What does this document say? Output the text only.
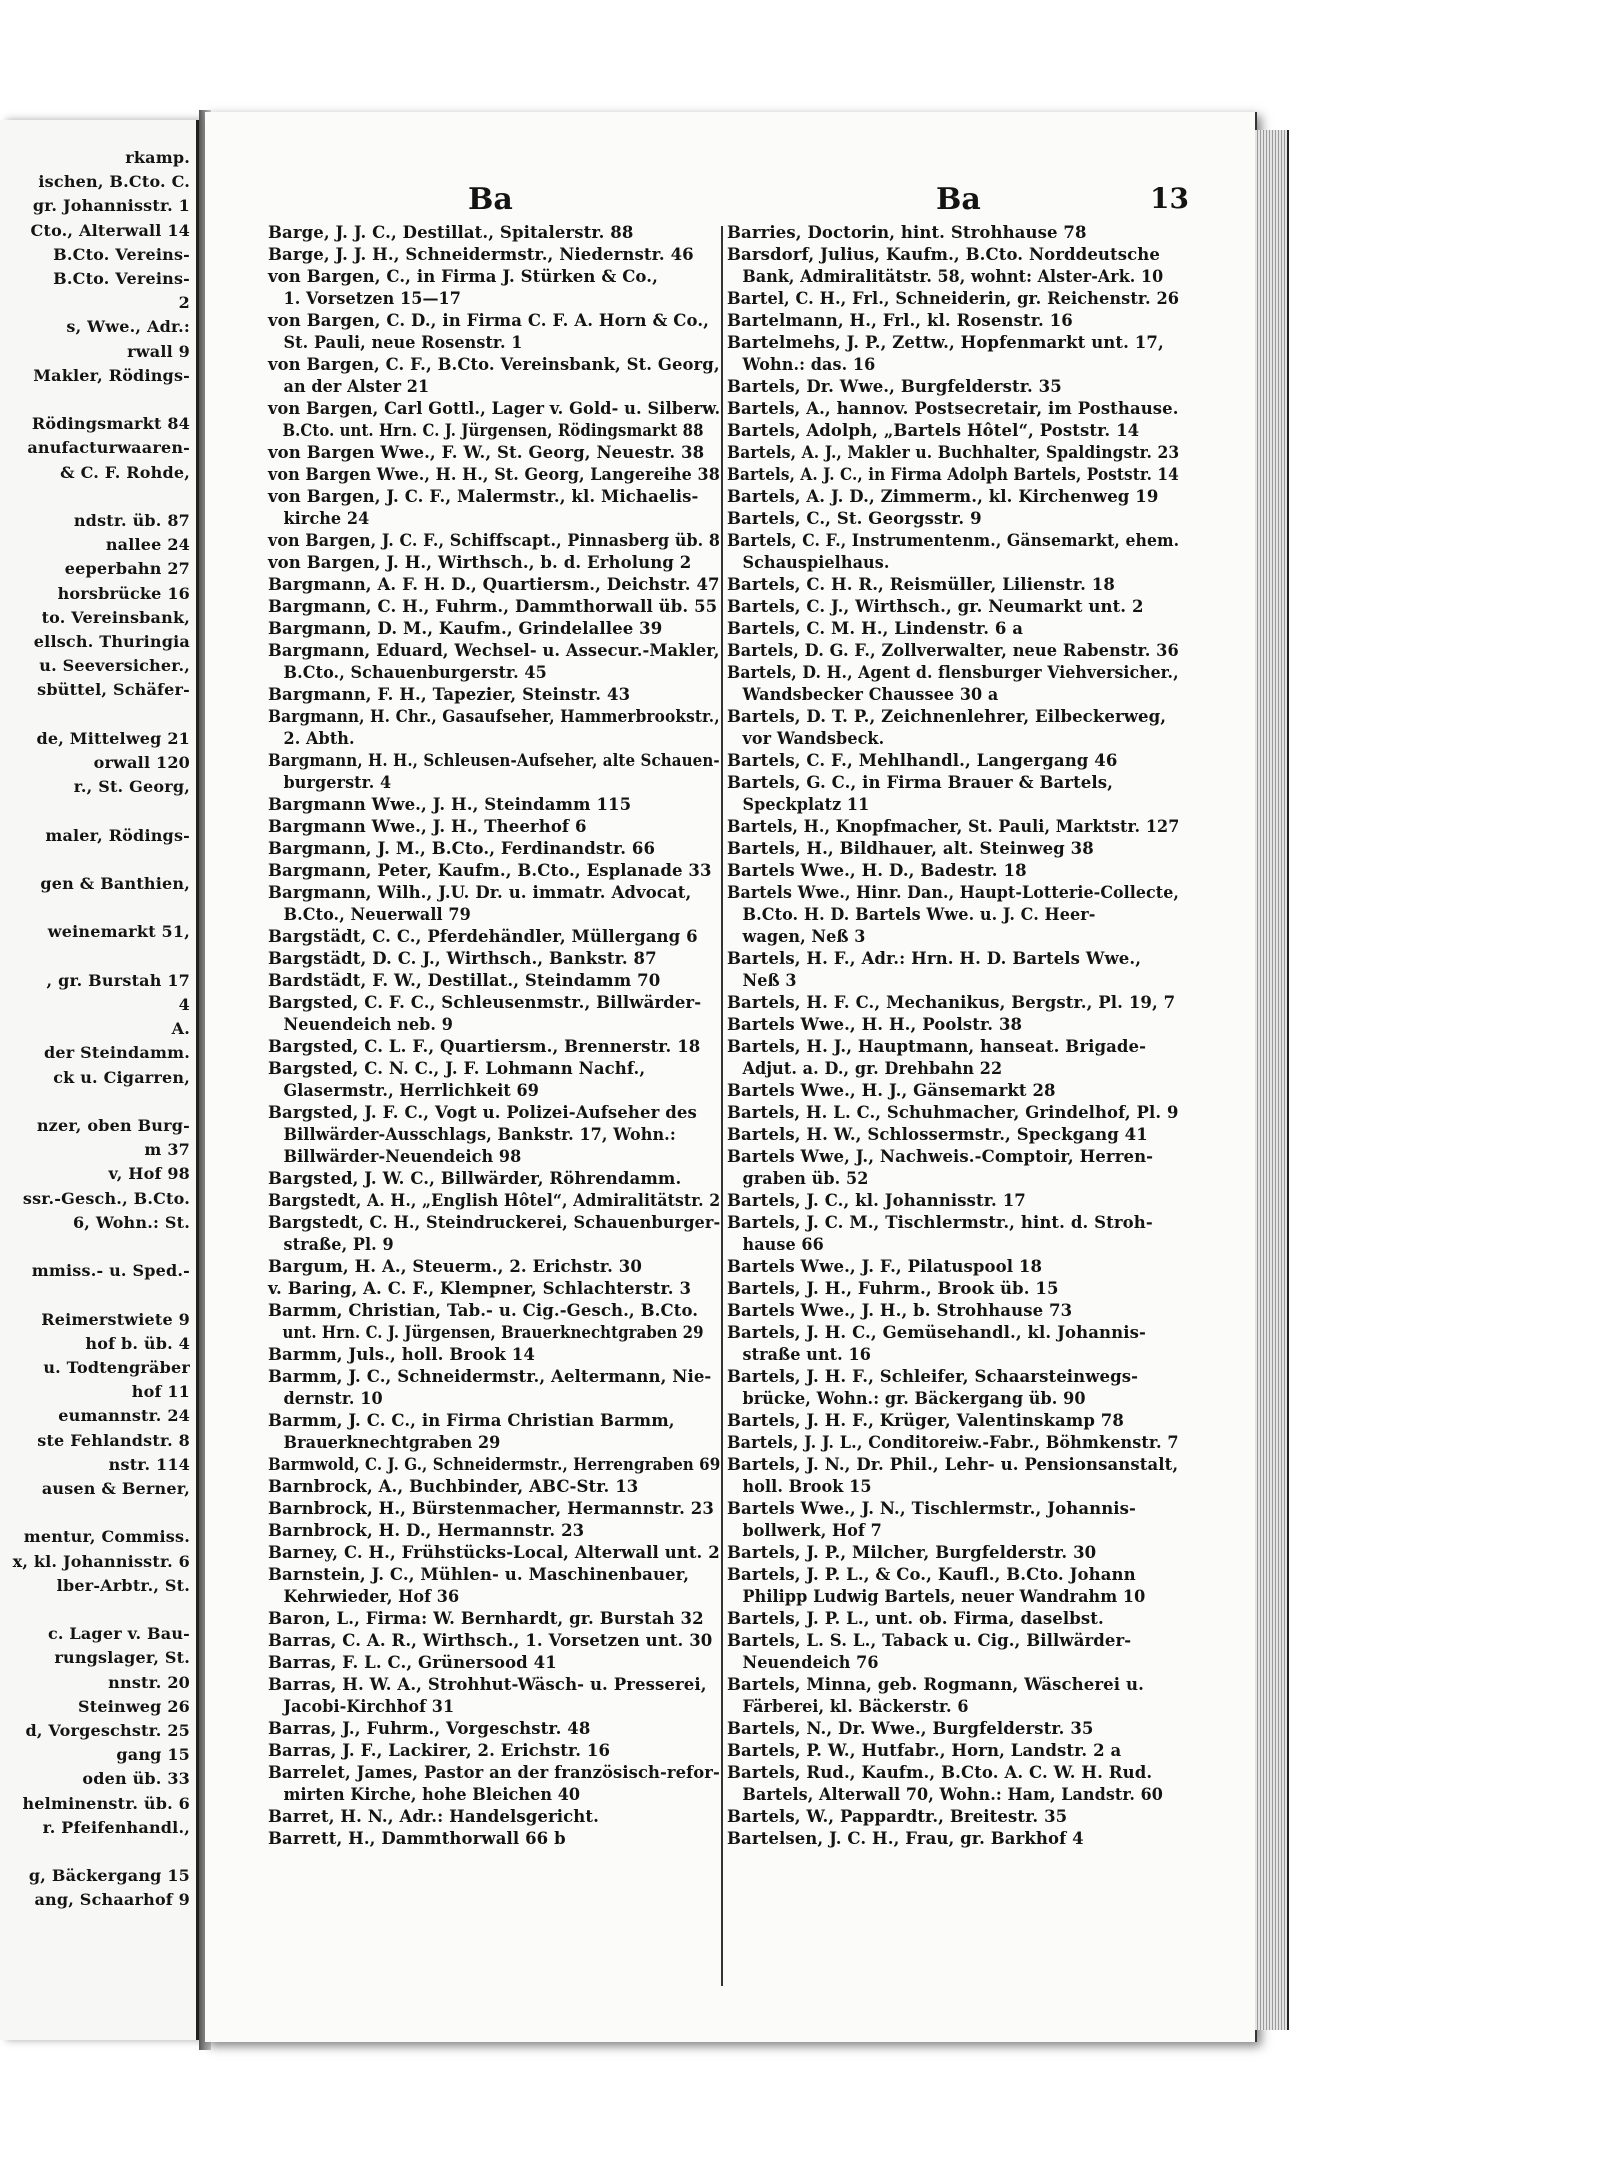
rkamp.
ischen, B.Cto. C.
gr. Johannisstr. 1
Cto., Alterwall 14
B.Cto. Vereins-
B.Cto. Vereins-
2
s, Wwe., Adr.:
rwall 9
Makler, Rödings-
Rödingsmarkt 84
anufacturwaaren-
& C. F. Rohde,
ndstr. üb. 87
nallee 24
eeperbahn 27
horsbrücke 16
to. Vereinsbank,
ellsch. Thuringia
u. Seeversicher.,
sbüttel, Schäfer-
de, Mittelweg 21
orwall 120
r., St. Georg,
maler, Rödings-
gen & Banthien,
weinemarkt 51,
, gr. Burstah 17
4
A.
der Steindamm.
ck u. Cigarren,
nzer, oben Burg-
m 37
v, Hof 98
ssr.-Gesch., B.Cto.
6, Wohn.: St.
mmiss.- u. Sped.-
Reimerstwiete 9
hof b. üb. 4
u. Todtengräber
hof 11
eumannstr. 24
ste Fehlandstr. 8
nstr. 114
ausen & Berner,
mentur, Commiss.
x, kl. Johannisstr. 6
lber-Arbtr., St.
c. Lager v. Bau-
rungslager, St.
nnstr. 20
Steinweg 26
d, Vorgeschstr. 25
gang 15
oden üb. 33
helminenstr. üb. 6
r. Pfeifenhandl.,
g, Bäckergang 15
ang, Schaarhof 9
Ba	Ba	13
Barge, J. J. C., Destillat., Spitalerstr. 88
Barge, J. J. H., Schneidermstr., Niedernstr. 46
von Bargen, C., in Firma J. Stürken & Co.,
1. Vorsetzen 15—17
von Bargen, C. D., in Firma C. F. A. Horn & Co.,
St. Pauli, neue Rosenstr. 1
von Bargen, C. F., B.Cto. Vereinsbank, St. Georg,
an der Alster 21
von Bargen, Carl Gottl., Lager v. Gold- u. Silberw.
B.Cto. unt. Hrn. C. J. Jürgensen, Rödingsmarkt 88
von Bargen Wwe., F. W., St. Georg, Neuestr. 38
von Bargen Wwe., H. H., St. Georg, Langereihe 38
von Bargen, J. C. F., Malermstr., kl. Michaelis-
kirche 24
von Bargen, J. C. F., Schiffscapt., Pinnasberg üb. 8
von Bargen, J. H., Wirthsch., b. d. Erholung 2
Bargmann, A. F. H. D., Quartiersm., Deichstr. 47
Bargmann, C. H., Fuhrm., Dammthorwall üb. 55
Bargmann, D. M., Kaufm., Grindelallee 39
Bargmann, Eduard, Wechsel- u. Assecur.-Makler,
B.Cto., Schauenburgerstr. 45
Bargmann, F. H., Tapezier, Steinstr. 43
Bargmann, H. Chr., Gasaufseher, Hammerbrookstr.,
2. Abth.
Bargmann, H. H., Schleusen-Aufseher, alte Schauen-
burgerstr. 4
Bargmann Wwe., J. H., Steindamm 115
Bargmann Wwe., J. H., Theerhof 6
Bargmann, J. M., B.Cto., Ferdinandstr. 66
Bargmann, Peter, Kaufm., B.Cto., Esplanade 33
Bargmann, Wilh., J.U. Dr. u. immatr. Advocat,
B.Cto., Neuerwall 79
Bargstädt, C. C., Pferdehändler, Müllergang 6
Bargstädt, D. C. J., Wirthsch., Bankstr. 87
Bardstädt, F. W., Destillat., Steindamm 70
Bargsted, C. F. C., Schleusenmstr., Billwärder-
Neuendeich neb. 9
Bargsted, C. L. F., Quartiersm., Brennerstr. 18
Bargsted, C. N. C., J. F. Lohmann Nachf.,
Glasermstr., Herrlichkeit 69
Bargsted, J. F. C., Vogt u. Polizei-Aufseher des
Billwärder-Ausschlags, Bankstr. 17, Wohn.:
Billwärder-Neuendeich 98
Bargsted, J. W. C., Billwärder, Röhrendamm.
Bargstedt, A. H., „English Hôtel“, Admiralitätstr. 2
Bargstedt, C. H., Steindruckerei, Schauenburger-
straße, Pl. 9
Bargum, H. A., Steuerm., 2. Erichstr. 30
v. Baring, A. C. F., Klempner, Schlachterstr. 3
Barmm, Christian, Tab.- u. Cig.-Gesch., B.Cto.
unt. Hrn. C. J. Jürgensen, Brauerknechtgraben 29
Barmm, Juls., holl. Brook 14
Barmm, J. C., Schneidermstr., Aeltermann, Nie-
dernstr. 10
Barmm, J. C. C., in Firma Christian Barmm,
Brauerknechtgraben 29
Barmwold, C. J. G., Schneidermstr., Herrengraben 69
Barnbrock, A., Buchbinder, ABC-Str. 13
Barnbrock, H., Bürstenmacher, Hermannstr. 23
Barnbrock, H. D., Hermannstr. 23
Barney, C. H., Frühstücks-Local, Alterwall unt. 2
Barnstein, J. C., Mühlen- u. Maschinenbauer,
Kehrwieder, Hof 36
Baron, L., Firma: W. Bernhardt, gr. Burstah 32
Barras, C. A. R., Wirthsch., 1. Vorsetzen unt. 30
Barras, F. L. C., Grünersood 41
Barras, H. W. A., Strohhut-Wäsch- u. Presserei,
Jacobi-Kirchhof 31
Barras, J., Fuhrm., Vorgeschstr. 48
Barras, J. F., Lackirer, 2. Erichstr. 16
Barrelet, James, Pastor an der französisch-refor-
mirten Kirche, hohe Bleichen 40
Barret, H. N., Adr.: Handelsgericht.
Barrett, H., Dammthorwall 66 b
Barries, Doctorin, hint. Strohhause 78
Barsdorf, Julius, Kaufm., B.Cto. Norddeutsche
Bank, Admiralitätstr. 58, wohnt: Alster-Ark. 10
Bartel, C. H., Frl., Schneiderin, gr. Reichenstr. 26
Bartelmann, H., Frl., kl. Rosenstr. 16
Bartelmehs, J. P., Zettw., Hopfenmarkt unt. 17,
Wohn.: das. 16
Bartels, Dr. Wwe., Burgfelderstr. 35
Bartels, A., hannov. Postsecretair, im Posthause.
Bartels, Adolph, „Bartels Hôtel“, Poststr. 14
Bartels, A. J., Makler u. Buchhalter, Spaldingstr. 23
Bartels, A. J. C., in Firma Adolph Bartels, Poststr. 14
Bartels, A. J. D., Zimmerm., kl. Kirchenweg 19
Bartels, C., St. Georgsstr. 9
Bartels, C. F., Instrumentenm., Gänsemarkt, ehem.
Schauspielhaus.
Bartels, C. H. R., Reismüller, Lilienstr. 18
Bartels, C. J., Wirthsch., gr. Neumarkt unt. 2
Bartels, C. M. H., Lindenstr. 6 a
Bartels, D. G. F., Zollverwalter, neue Rabenstr. 36
Bartels, D. H., Agent d. flensburger Viehversicher.,
Wandsbecker Chaussee 30 a
Bartels, D. T. P., Zeichnenlehrer, Eilbeckerweg,
vor Wandsbeck.
Bartels, C. F., Mehlhandl., Langergang 46
Bartels, G. C., in Firma Brauer & Bartels,
Speckplatz 11
Bartels, H., Knopfmacher, St. Pauli, Marktstr. 127
Bartels, H., Bildhauer, alt. Steinweg 38
Bartels Wwe., H. D., Badestr. 18
Bartels Wwe., Hinr. Dan., Haupt-Lotterie-Collecte,
B.Cto. H. D. Bartels Wwe. u. J. C. Heer-
wagen, Neß 3
Bartels, H. F., Adr.: Hrn. H. D. Bartels Wwe.,
Neß 3
Bartels, H. F. C., Mechanikus, Bergstr., Pl. 19, 7
Bartels Wwe., H. H., Poolstr. 38
Bartels, H. J., Hauptmann, hanseat. Brigade-
Adjut. a. D., gr. Drehbahn 22
Bartels Wwe., H. J., Gänsemarkt 28
Bartels, H. L. C., Schuhmacher, Grindelhof, Pl. 9
Bartels, H. W., Schlossermstr., Speckgang 41
Bartels Wwe, J., Nachweis.-Comptoir, Herren-
graben üb. 52
Bartels, J. C., kl. Johannisstr. 17
Bartels, J. C. M., Tischlermstr., hint. d. Stroh-
hause 66
Bartels Wwe., J. F., Pilatuspool 18
Bartels, J. H., Fuhrm., Brook üb. 15
Bartels Wwe., J. H., b. Strohhause 73
Bartels, J. H. C., Gemüsehandl., kl. Johannis-
straße unt. 16
Bartels, J. H. F., Schleifer, Schaarsteinwegs-
brücke, Wohn.: gr. Bäckergang üb. 90
Bartels, J. H. F., Krüger, Valentinskamp 78
Bartels, J. J. L., Conditoreiw.-Fabr., Böhmkenstr. 7
Bartels, J. N., Dr. Phil., Lehr- u. Pensionsanstalt,
holl. Brook 15
Bartels Wwe., J. N., Tischlermstr., Johannis-
bollwerk, Hof 7
Bartels, J. P., Milcher, Burgfelderstr. 30
Bartels, J. P. L., & Co., Kaufl., B.Cto. Johann
Philipp Ludwig Bartels, neuer Wandrahm 10
Bartels, J. P. L., unt. ob. Firma, daselbst.
Bartels, L. S. L., Taback u. Cig., Billwärder-
Neuendeich 76
Bartels, Minna, geb. Rogmann, Wäscherei u.
Färberei, kl. Bäckerstr. 6
Bartels, N., Dr. Wwe., Burgfelderstr. 35
Bartels, P. W., Hutfabr., Horn, Landstr. 2 a
Bartels, Rud., Kaufm., B.Cto. A. C. W. H. Rud.
Bartels, Alterwall 70, Wohn.: Ham, Landstr. 60
Bartels, W., Pappardtr., Breitestr. 35
Bartelsen, J. C. H., Frau, gr. Barkhof 4
